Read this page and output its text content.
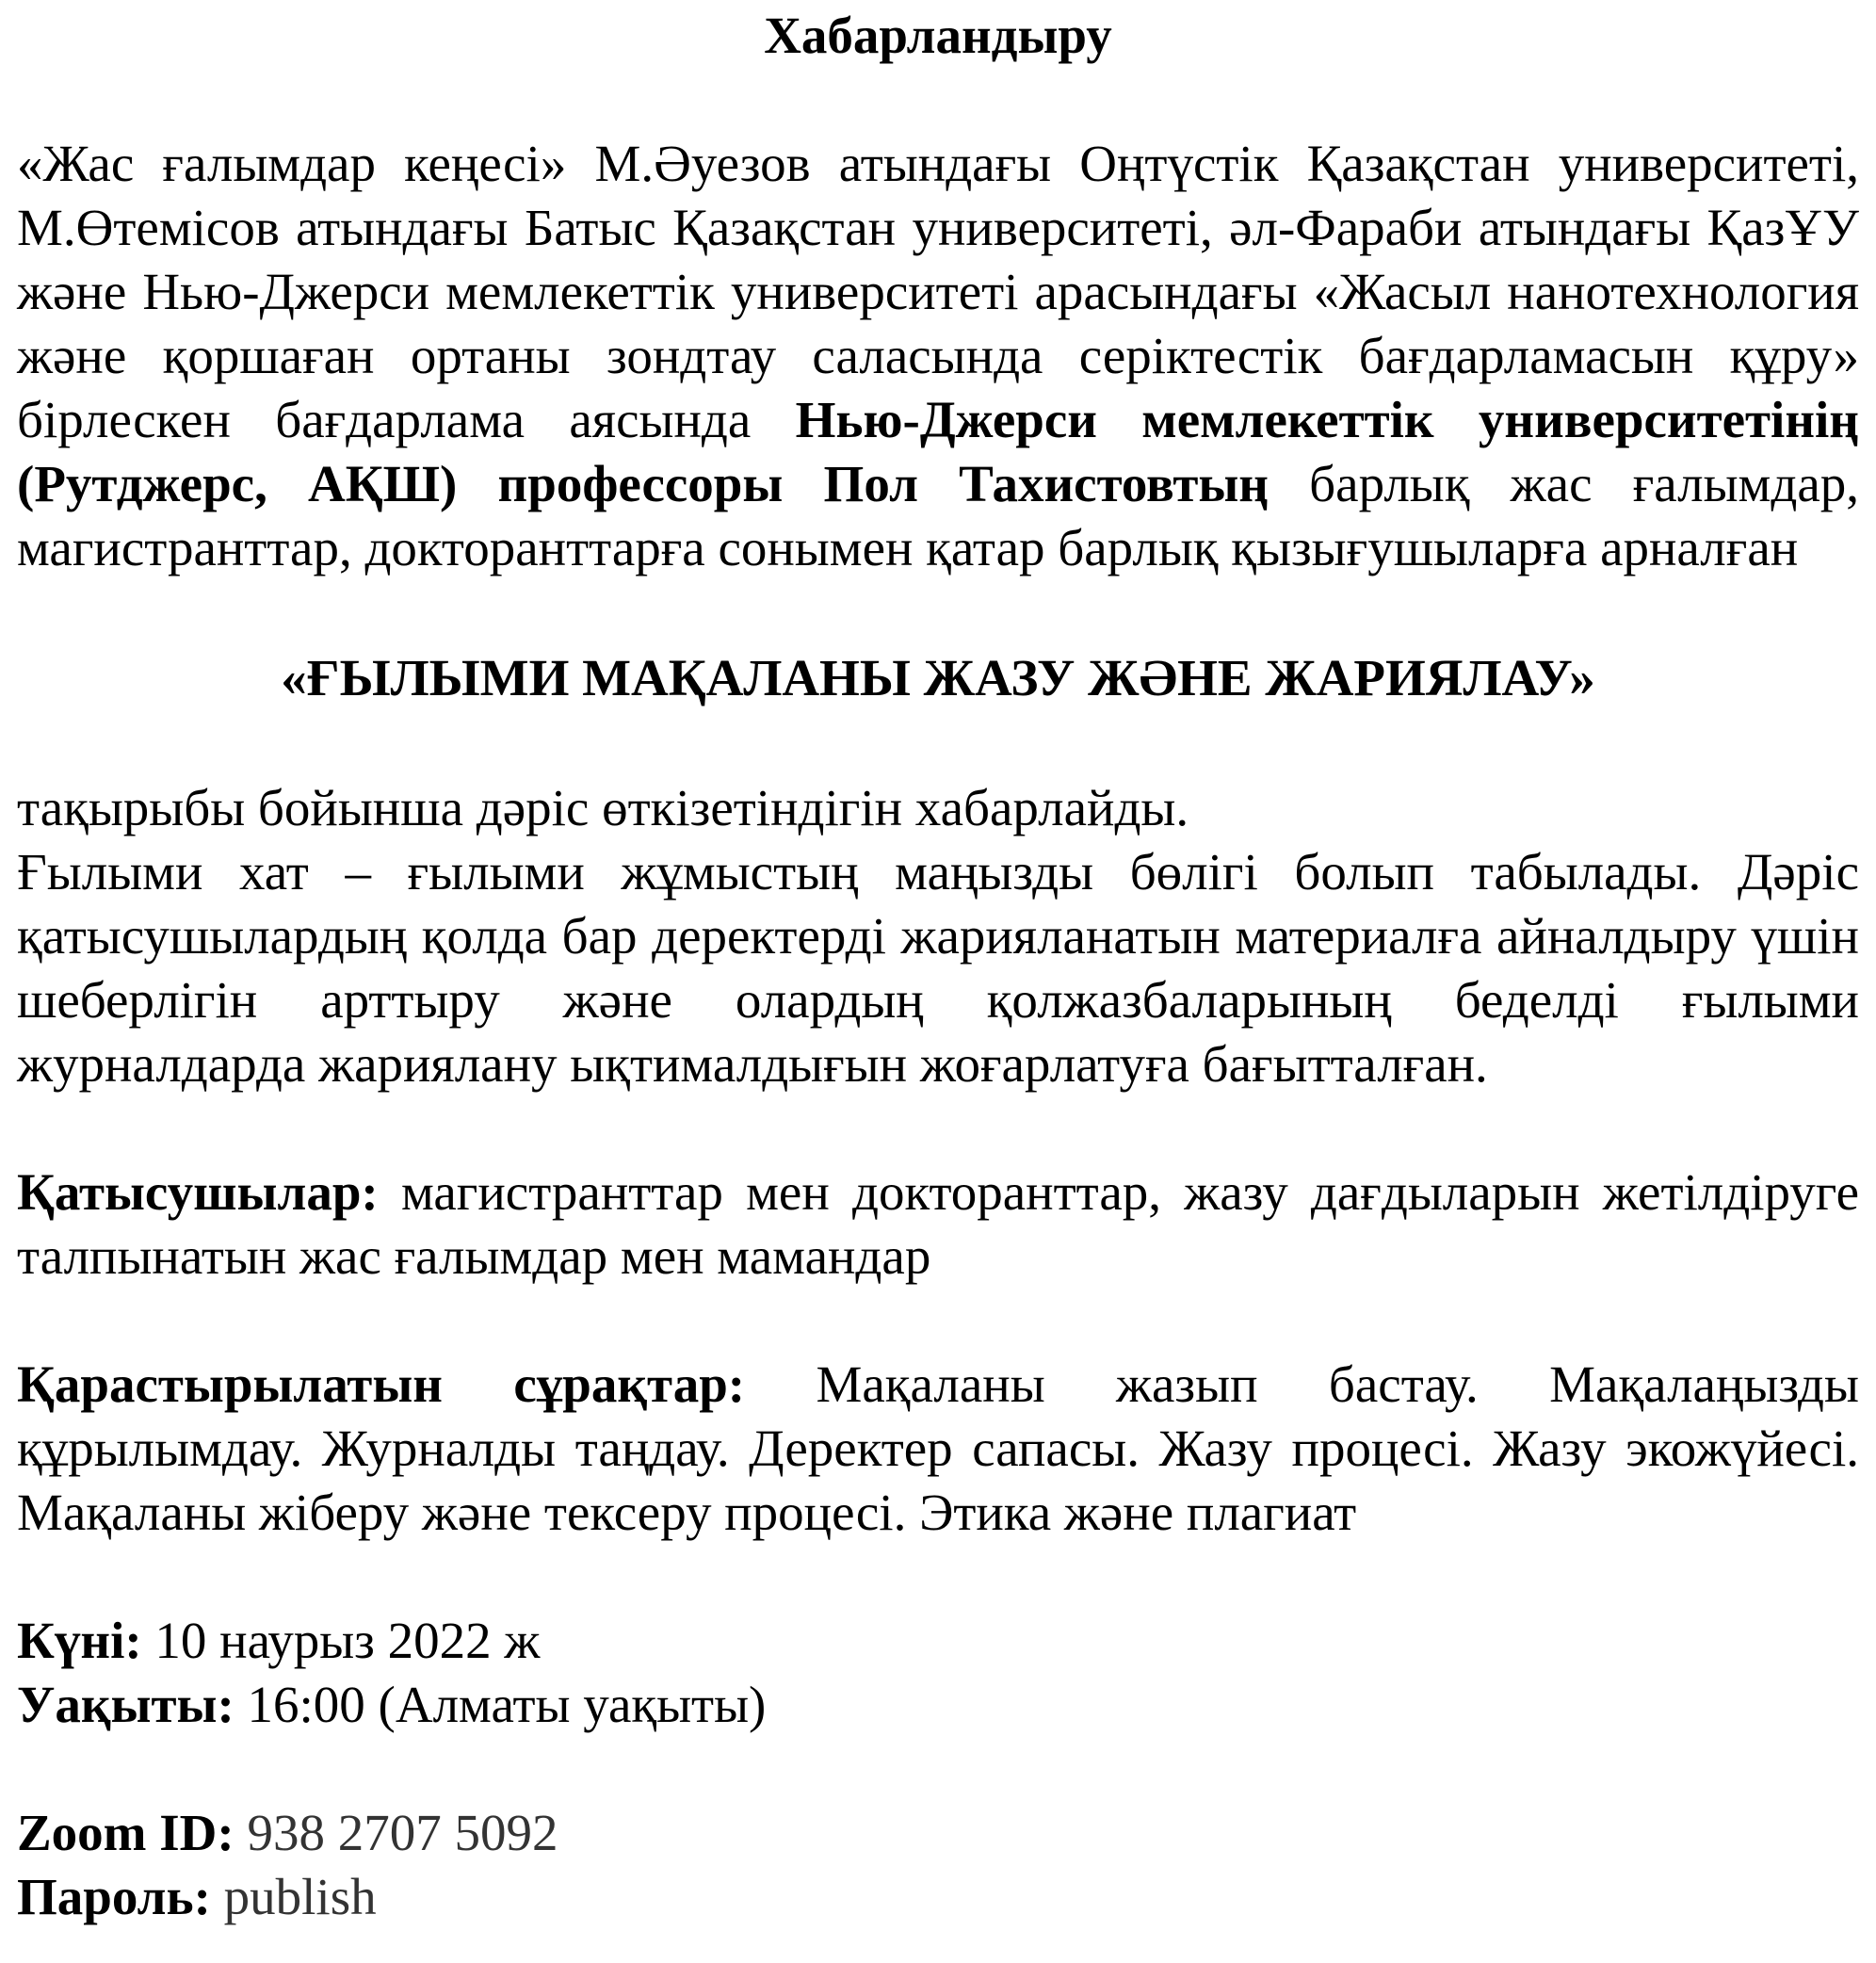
Хабарландыру

«Жас ғалымдар кеңесі» М.Әуезов атындағы Оңтүстік Қазақстан университеті, М.Өтемісов атындағы Батыс Қазақстан университеті, әл-Фараби атындағы ҚазҰУ және Нью-Джерси мемлекеттік университеті арасындағы «Жасыл нанотехнология және қоршаған ортаны зондтау саласында серіктестік бағдарламасын құру» бірлескен бағдарлама аясында Нью-Джерси мемлекеттік университетінің (Рутджерс, АҚШ) профессоры Пол Тахистовтың барлық жас ғалымдар, магистранттар, докторанттарға сонымен қатар барлық қызығушыларға арналған

«ҒЫЛЫМИ МАҚАЛАНЫ ЖАЗУ ЖӘНЕ ЖАРИЯЛАУ»

тақырыбы бойынша дәріс өткізетіндігін хабарлайды.

Ғылыми хат – ғылыми жұмыстың маңызды бөлігі болып табылады. Дәріс қатысушылардың қолда бар деректерді жарияланатын материалға айналдыру үшін шеберлігін арттыру және олардың қолжазбаларының беделді ғылыми журналдарда жариялану ықтималдығын жоғарлатуға бағытталған.

Қатысушылар: магистранттар мен докторанттар, жазу дағдыларын жетілдіруге талпынатын жас ғалымдар мен мамандар

Қарастырылатын сұрақтар: Мақаланы жазып бастау. Мақалаңызды құрылымдау. Журналды таңдау. Деректер сапасы. Жазу процесі. Жазу экожүйесі. Мақаланы жіберу және тексеру процесі. Этика және плагиат

Күні: 10 наурыз 2022 ж

Уақыты: 16:00 (Алматы уақыты)

Zoom ID: 938 2707 5092

Пароль: publish
